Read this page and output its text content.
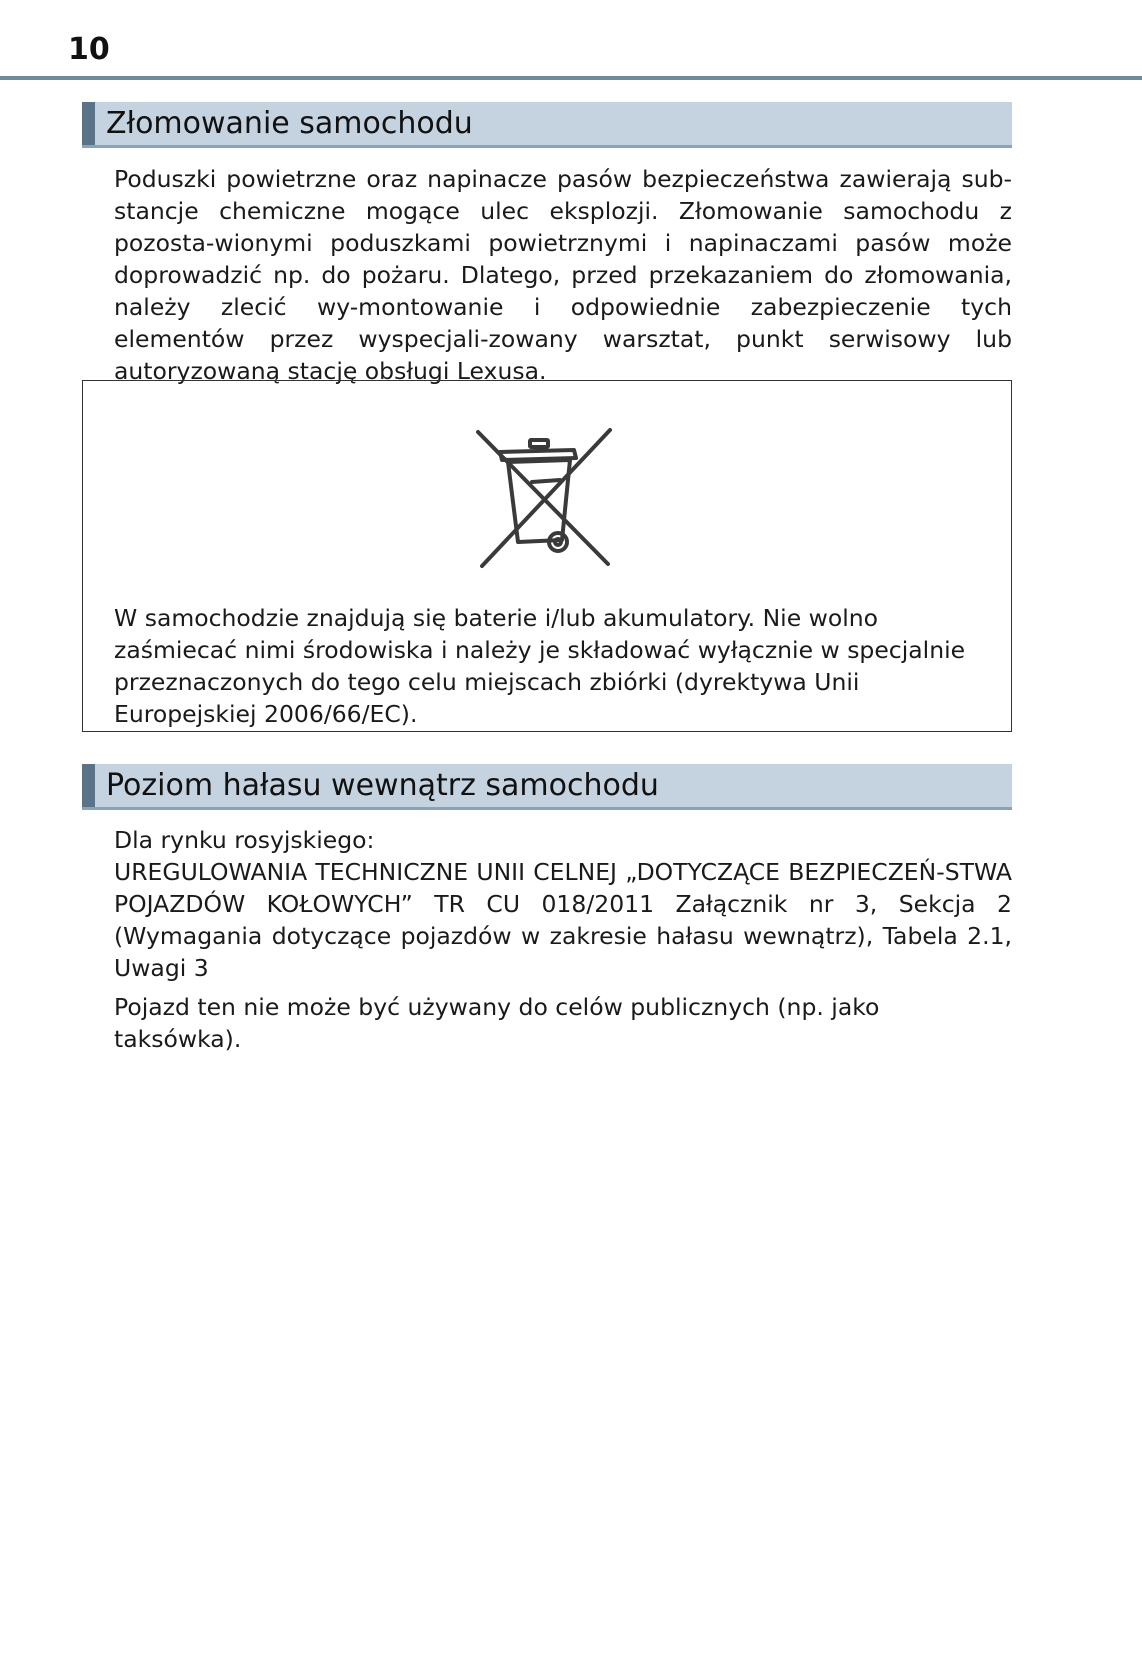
10
Złomowanie samochodu
Poduszki powietrzne oraz napinacze pasów bezpieczeństwa zawierają sub-stancje chemiczne mogące ulec eksplozji. Złomowanie samochodu z pozosta-wionymi poduszkami powietrznymi i napinaczami pasów może doprowadzić np. do pożaru. Dlatego, przed przekazaniem do złomowania, należy zlecić wy-montowanie i odpowiednie zabezpieczenie tych elementów przez wyspecjali-zowany warsztat, punkt serwisowy lub autoryzowaną stację obsługi Lexusa.
W samochodzie znajdują się baterie i/lub akumulatory. Nie wolno zaśmiecać nimi środowiska i należy je składować wyłącznie w specjalnie przeznaczonych do tego celu miejscach zbiórki (dyrektywa Unii Europejskiej 2006/66/EC).
Poziom hałasu wewnątrz samochodu
Dla rynku rosyjskiego:
UREGULOWANIA TECHNICZNE UNII CELNEJ „DOTYCZĄCE BEZPIECZEŃ-STWA POJAZDÓW KOŁOWYCH” TR CU 018/2011 Załącznik nr 3, Sekcja 2 (Wymagania dotyczące pojazdów w zakresie hałasu wewnątrz), Tabela 2.1, Uwagi 3
Pojazd ten nie może być używany do celów publicznych (np. jako taksówka).
